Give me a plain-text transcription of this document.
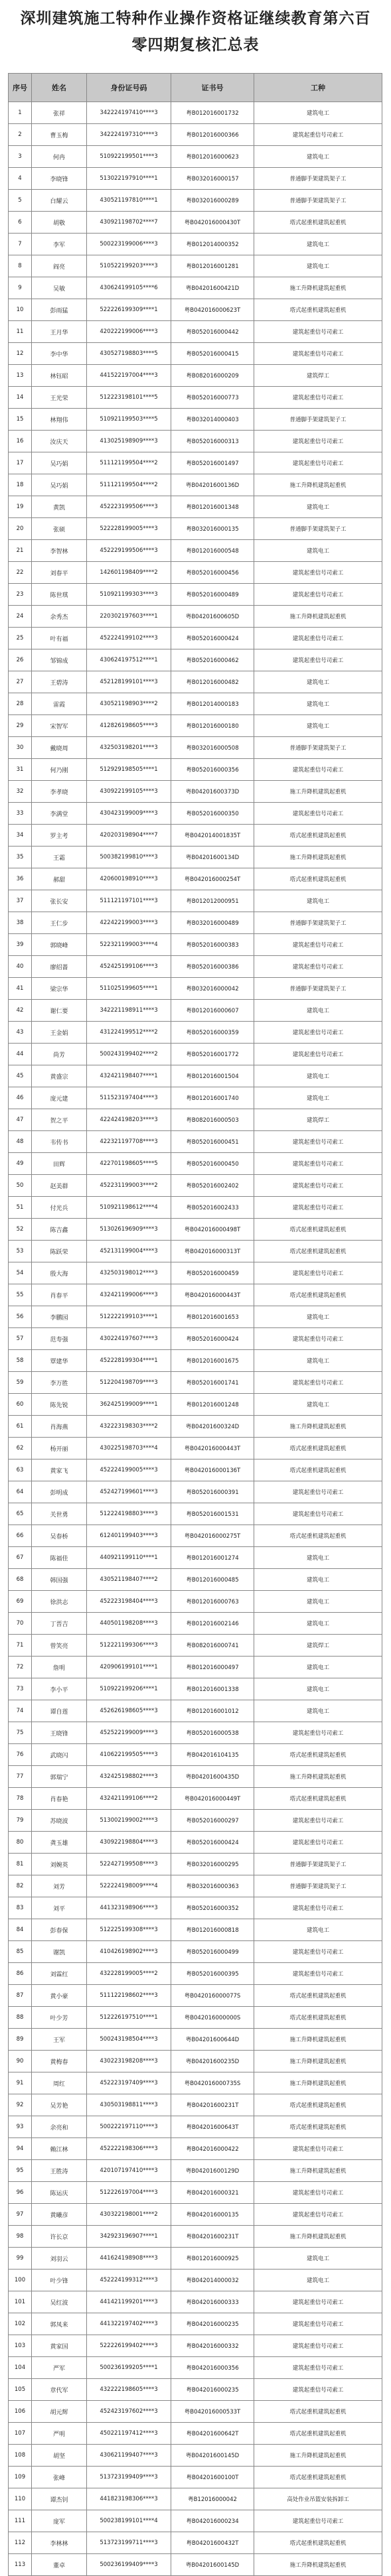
深圳建筑施工特种作业操作资格证继续教育第六百零四期复核汇总表
序号	姓名	身份证号码	证书号	工种
1	张祥	342224197410****3	粤B012016001732	建筑电工
2	曹玉梅	342224197310****3	粤B012016000366	建筑起重信号司索工
3	何冉	510922199501****3	粤B012016000623	建筑电工
4	李晓锋	513022197910****1	粤B032016000157	普通脚手架建筑架子工
5	白耀云	430521197810****1	粤B032016000289	普通脚手架建筑架子工
6	胡敬	430921198702****7	粤B042016000430T	塔式起重机建筑起重机
7	李军	500223199006****3	粤B012014000352	建筑电工
8	阎亮	510522199203****3	粤B012016001281	建筑电工
9	吴敏	430624199105****6	粤B04201600421D	施工升降机建筑起重机
10	彭雨猛	522226199309****1	粤B042016000623T	塔式起重机建筑起重机
11	王月华	420222199006****3	粤B052016000442	建筑起重信号司索工
12	李中华	430527198803****5	粤B052016000415	建筑起重信号司索工
13	林钰昭	441522197004****3	粤B082016000209	建筑焊工
14	王光荣	512223198101****5	粤B052016000773	建筑起重信号司索工
15	林翔伟	510921199503****5	粤B032014000403	普通脚手架建筑架子工
16	汝庆天	413025198909****3	粤B052016000313	建筑起重信号司索工
17	吴巧娟	511121199504****2	粤B052016001497	建筑起重信号司索工
18	吴巧娟	511121199504****2	粤B04201600136D	施工升降机建筑起重机
19	黄凯	452223199506****3	粤B012016001348	建筑电工
20	张硕	522228199005****3	粤B032016000135	普通脚手架建筑架子工
21	李智林	452229199506****3	粤B012016000548	建筑电工
22	刘春平	142601198409****2	粤B052016000456	建筑起重信号司索工
23	陈世琪	510921199303****3	粤B052016000489	建筑起重信号司索工
24	余秀杰	220302197603****1	粤B04201600605D	施工升降机建筑起重机
25	叶有福	452224199102****3	粤B052016000424	建筑起重信号司索工
26	邹锦成	430624197512****1	粤B052016000462	建筑起重信号司索工
27	王碧涛	452128199101****3	粤B012016000482	建筑电工
28	雷霞	430521198903****2	粤B012014000183	建筑电工
29	宋智军	412826198605****3	粤B012016000180	建筑电工
30	戴晓周	432503198201****3	粤B032016000508	普通脚手架建筑架子工
31	何乃刚	512929198505****1	粤B052016000356	建筑起重信号司索工
32	李孝晓	430922199105****3	粤B04201600373D	施工升降机建筑起重机
33	李满堂	430423199009****3	粤B052016000350	建筑起重信号司索工
34	罗主考	420203198904****7	粤B042014001835T	塔式起重机建筑起重机
35	王霜	500382199810****3	粤B04201600134D	施工升降机建筑起重机
36	郝甜	420600198910****3	粤B042016000254T	塔式起重机建筑起重机
37	张长安	511121197101****3	粤B012012000951	建筑电工
38	王仁步	422422199003****3	粤B032016000489	普通脚手架建筑架子工
39	郭晓峰	522321199003****4	粤B052016000383	建筑起重信号司索工
40	廖绍蔷	452425199106****3	粤B052016000386	建筑起重信号司索工
41	梁宗华	511025199605****1	粤B032016000042	普通脚手架建筑架子工
42	谢仁要	342221198911****3	粤B012016000607	建筑电工
43	王金娟	431224199512****2	粤B052016000359	建筑起重信号司索工
44	尚芳	500243199402****2	粤B052016001772	建筑起重信号司索工
45	黄盛宗	432421198407****1	粤B012016001504	建筑电工
46	庞元建	511523197404****3	粤B012016001740	建筑电工
47	贺之平	422424198203****3	粤B082016000503	建筑焊工
48	韦传书	422321197708****3	粤B052016000451	建筑起重信号司索工
49	田辉	422701198605****5	粤B052016000450	建筑起重信号司索工
50	赵美群	452231199003****2	粤B052016002402	建筑起重信号司索工
51	付光兵	510921198612****4	粤B052016002433	建筑起重信号司索工
52	陈吉鑫	513026196909****3	粤B042016000498T	塔式起重机建筑起重机
53	陈跃荣	452131199004****3	粤B042016000313T	塔式起重机建筑起重机
54	殷大海	432503198012****3	粤B052016000459	建筑起重信号司索工
55	肖春平	432421199006****3	粤B042016000443T	塔式起重机建筑起重机
56	李鹏园	512222199103****1	粤B012016001653	建筑电工
57	范寿强	430224197607****3	粤B052016000424	建筑起重信号司索工
58	覃建华	452228199304****1	粤B012016001675	建筑电工
59	李万胜	512204198709****3	粤B052016001741	建筑起重信号司索工
60	陈先锐	362425199009****1	粤B012016001248	建筑电工
61	肖海燕	432223198303****2	粤B04201600324D	施工升降机建筑起重机
62	杨开丽	430225198703****4	粤B042016000443T	塔式起重机建筑起重机
63	黄家飞	452224199005****3	粤B042016000136T	塔式起重机建筑起重机
64	彭明成	452427199601****3	粤B052016000391	建筑起重信号司索工
65	关世勇	512224198803****3	粤B052016001531	建筑起重信号司索工
66	吴春桥	612401199403****3	粤B042016000275T	塔式起重机建筑起重机
67	陈福佳	440921199110****1	粤B012016001274	建筑电工
68	韩国强	430521198407****2	粤B012016000485	建筑电工
69	徐洪志	452223198404****3	粤B012016000763	建筑电工
70	丁晋吉	440501198208****3	粤B012016002146	建筑电工
71	曾笑亮	512221199306****3	粤B082016000741	建筑焊工
72	詹明	420906199101****1	粤B012016000497	建筑电工
73	李小平	510922199206****1	粤B012016001338	建筑电工
74	谭自莲	452626198605****3	粤B012016001012	建筑电工
75	王晓锋	452522199009****3	粤B052016000538	建筑起重信号司索工
76	武晓闪	410622199505****3	粤B042016104135	塔式起重机建筑起重机
77	郭瑞宁	432425198802****3	粤B04201600435D	施工升降机建筑起重机
78	肖春艳	432421199106****2	粤B042016000449T	塔式起重机建筑起重机
79	苏晓波	513002199002****3	粤B052016000297	建筑起重信号司索工
80	龚玉雄	430922198804****3	粤B052016000424	建筑起重信号司索工
81	刘婉英	522427199508****3	粤B032016000295	普通脚手架建筑架子工
82	刘芳	522224198009****4	粤B032016000363	普通脚手架建筑架子工
83	刘平	441323198906****3	粤B052016000352	建筑起重信号司索工
84	彭春保	512225199308****3	粤B012016000818	建筑电工
85	谢凯	410426198902****3	粤B052016000499	建筑起重信号司索工
86	刘霖红	432228199005****2	粤B052016000395	建筑起重信号司索工
87	黄小豪	511122198602****3	粤B042016000077S	塔式起重机建筑起重机
88	叶少芳	512226197510****1	粤B042016000000S	塔式起重机建筑起重机
89	王军	500243198504****3	粤B04201600644D	施工升降机建筑起重机
90	黄梅春	430223198208****3	粤B04201600235D	施工升降机建筑起重机
91	周红	452223197409****3	粤B042016000735S	施工升降机建筑起重机
92	吴芳艳	430503198811****3	粤B04201600231T	塔式起重机建筑起重机
93	余亮和	500222197110****3	粤B04201600643T	塔式起重机建筑起重机
94	赖江林	452222198306****3	粤B042016000422	建筑起重信号司索工
95	王胜涛	420107197410****3	粤B04201600129D	施工升降机建筑起重机
96	陈运庆	512226197004****3	粤B042016000321	建筑起重信号司索工
97	黄曦彦	430322198001****2	粤B042016000135	建筑起重信号司索工
98	许长京	342923196907****1	粤B04201600231T	施工升降机建筑起重机
99	刘羽云	441624198908****3	粤B012016000925	建筑电工
100	叶少锋	452224199312****3	粤B042014000032	建筑电工
101	吴红波	441421199201****3	粤B042016000333	建筑起重信号司索工
102	郭凤来	441322197402****3	粤B042016000235	建筑起重信号司索工
103	黄家国	522226199402****3	粤B042016000332	建筑起重信号司索工
104	严军	500236199205****1	粤B042016000356	建筑起重信号司索工
105	章代军	432222198605****3	粤B042016000235	建筑起重信号司索工
106	胡元辉	452423197602****3	粤B042016000533T	塔式起重机建筑起重机
107	严明	450221197412****3	粤B04201600642T	塔式起重机建筑起重机
108	胡坚	430621199407****3	粤B04201600145D	施工升降机建筑起重机
109	张峰	513723199409****3	粤B04201600100T	塔式起重机建筑起重机
110	谭杰钊	441823198306****3	粤B12016000042	高处作业吊篮安装拆卸工
111	庞军	500238199101****4	粤B042016000234	建筑起重信号司索工
112	李林林	513723199711****3	粤B04201600432T	塔式起重机建筑起重机
113	董卓	500236199409****3	粤B04201600145D	施工升降机建筑起重机
